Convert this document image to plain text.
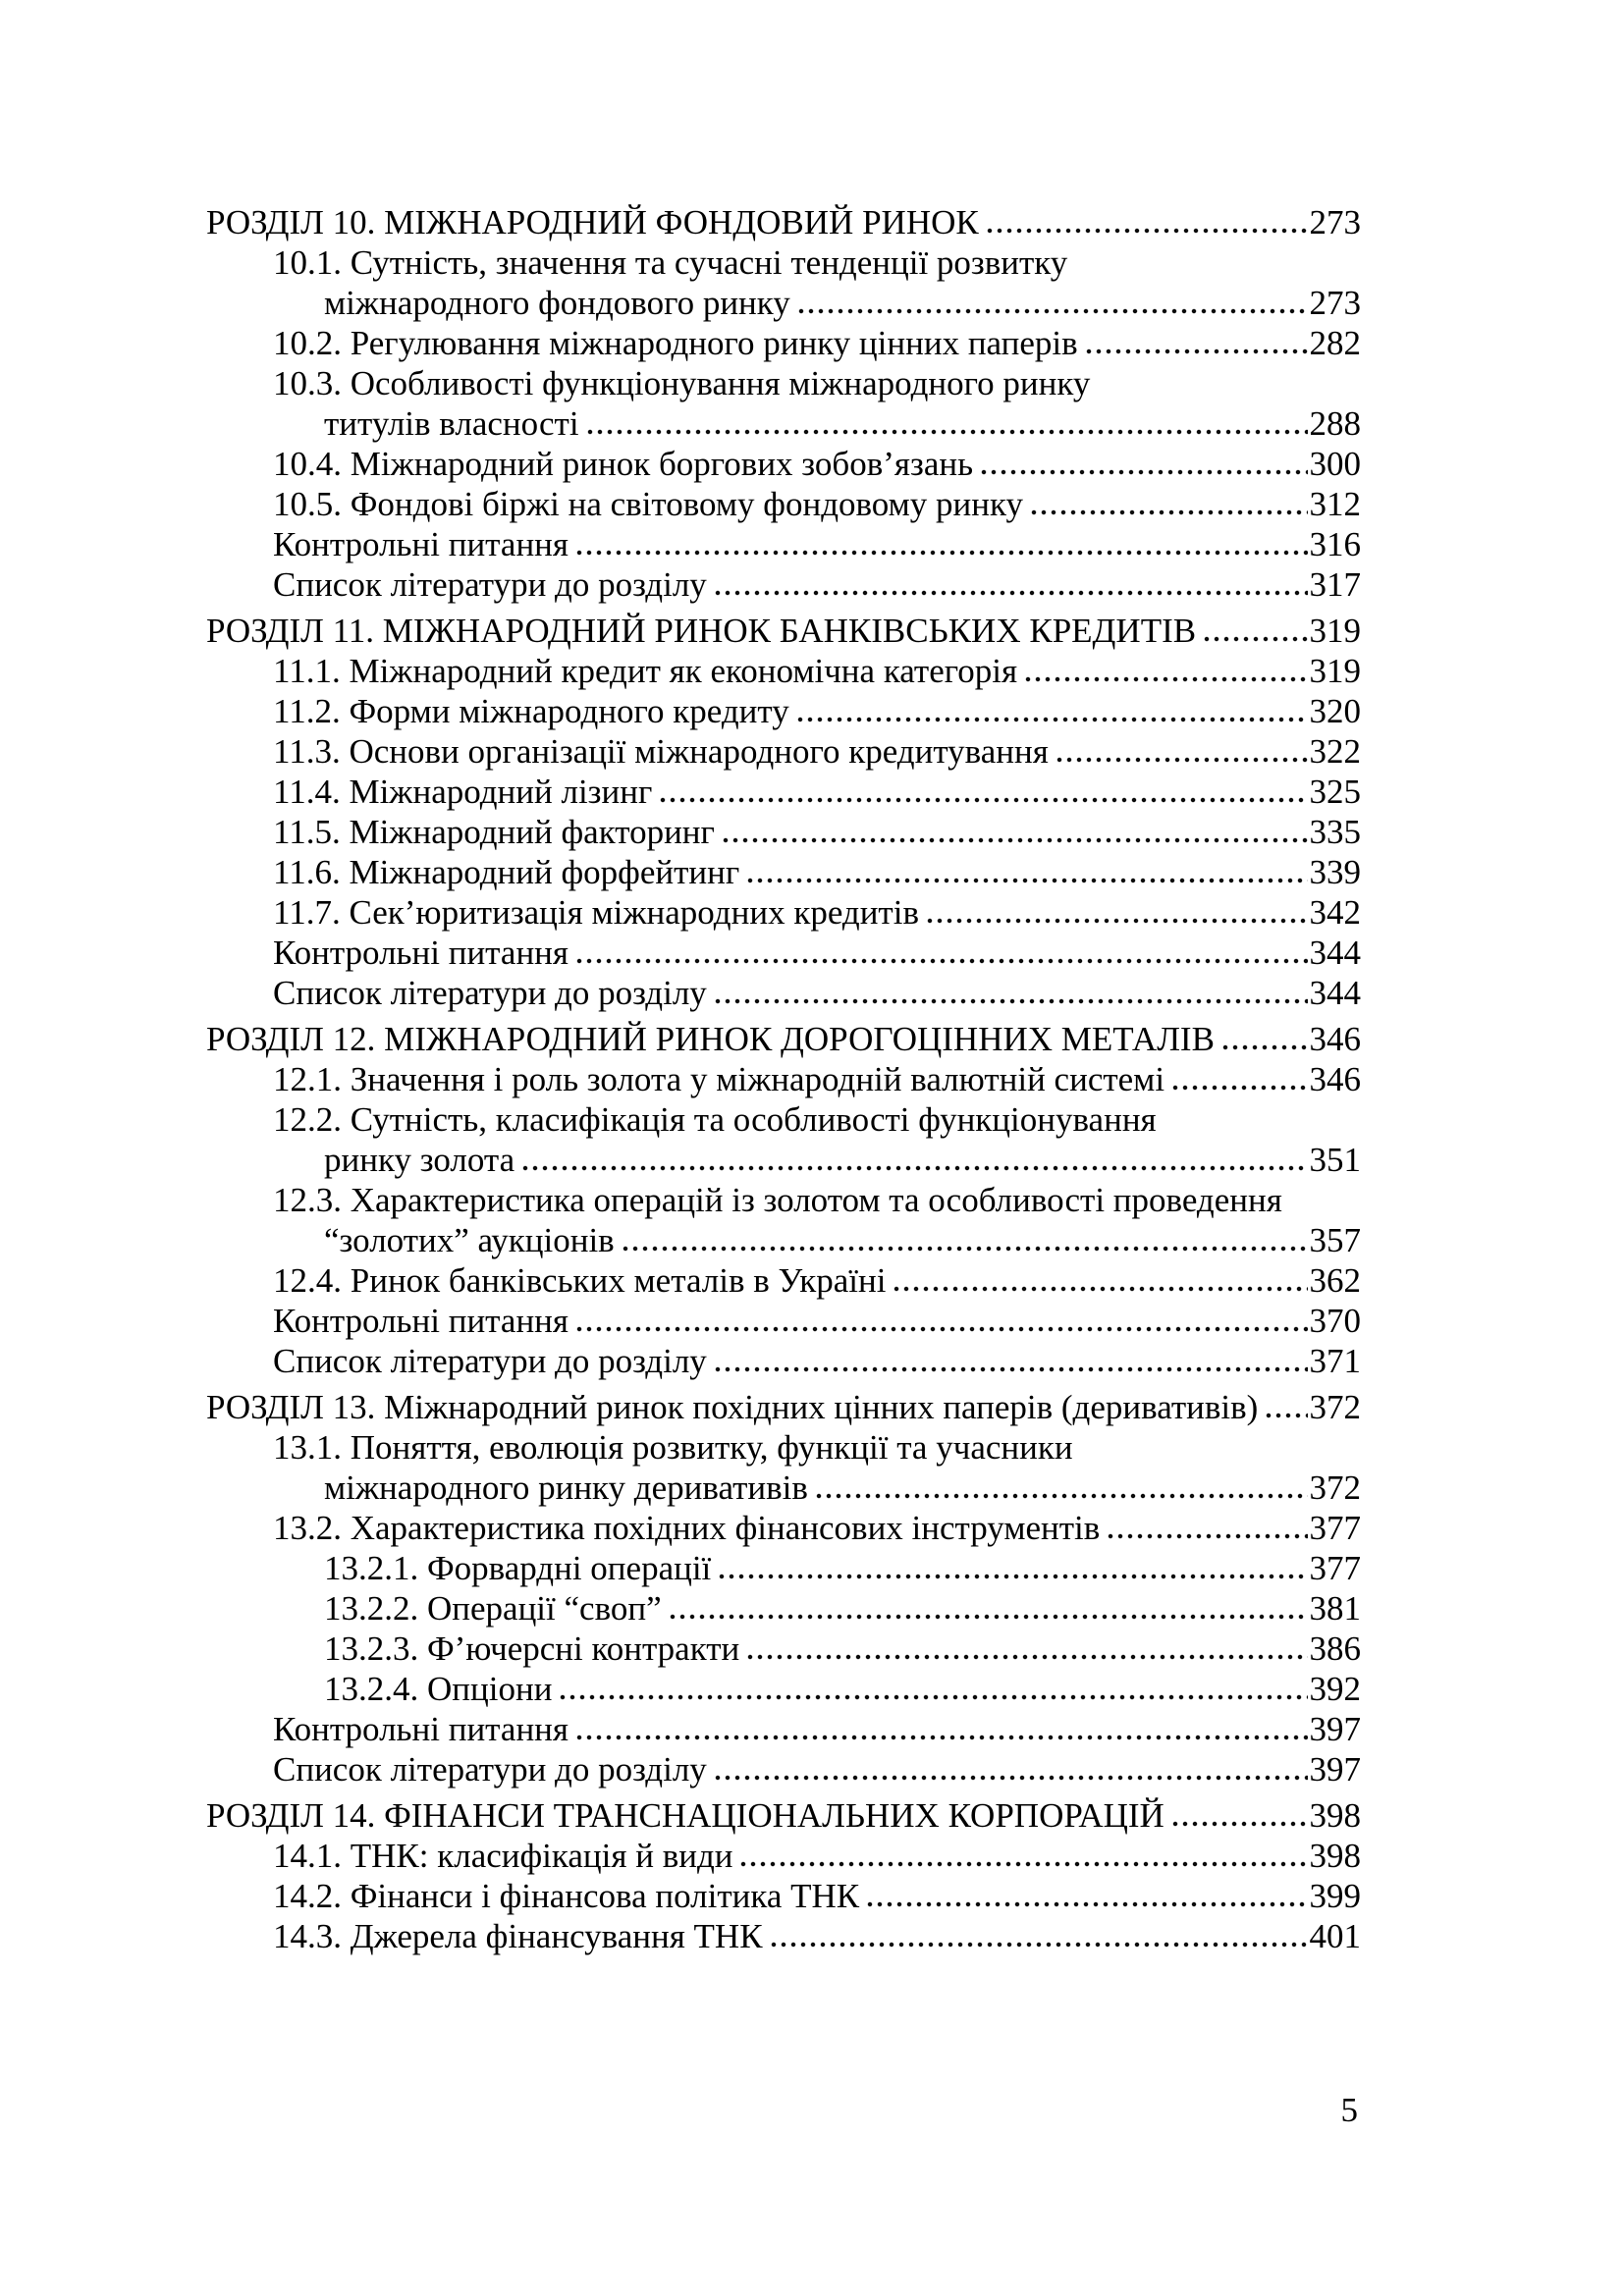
РОЗДІЛ 10. МІЖНАРОДНИЙ ФОНДОВИЙ РИНОК	273
10.1. Сутність, значення та сучасні тенденції розвитку
міжнародного фондового ринку	273
10.2. Регулювання міжнародного ринку цінних паперів	282
10.3. Особливості функціонування міжнародного ринку
титулів власності	288
10.4. Міжнародний ринок боргових зобов’язань	300
10.5. Фондові біржі на світовому фондовому ринку	312
Контрольні питання	316
Список літератури до розділу	317
РОЗДІЛ 11. МІЖНАРОДНИЙ РИНОК БАНКІВСЬКИХ КРЕДИТІВ	319
11.1. Міжнародний кредит як економічна категорія	319
11.2. Форми міжнародного кредиту	320
11.3. Основи організації міжнародного кредитування	322
11.4. Міжнародний лізинг	325
11.5. Міжнародний факторинг	335
11.6. Міжнародний форфейтинг	339
11.7. Сек’юритизація міжнародних кредитів	342
Контрольні питання	344
Список літератури до розділу	344
РОЗДІЛ 12. МІЖНАРОДНИЙ РИНОК ДОРОГОЦІННИХ МЕТАЛІВ	346
12.1. Значення і роль золота у міжнародній валютній системі	346
12.2. Сутність, класифікація та особливості функціонування
ринку золота	351
12.3. Характеристика операцій із золотом та особливості проведення
“золотих” аукціонів	357
12.4. Ринок банківських металів в Україні	362
Контрольні питання	370
Список літератури до розділу	371
РОЗДІЛ 13. Міжнародний ринок похідних цінних паперів (деривативів) 372
13.1. Поняття, еволюція розвитку, функції та учасники
міжнародного ринку деривативів	372
13.2. Характеристика похідних фінансових інструментів	377
13.2.1. Форвардні операції	377
13.2.2. Операції “своп”	381
13.2.3. Ф’ючерсні контракти	386
13.2.4. Опціони	392
Контрольні питання	397
Список літератури до розділу	397
РОЗДІЛ 14. ФІНАНСИ ТРАНСНАЦІОНАЛЬНИХ КОРПОРАЦІЙ	398
14.1. ТНК: класифікація й види	398
14.2. Фінанси і фінансова політика ТНК	399
14.3. Джерела фінансування ТНК	401
5
